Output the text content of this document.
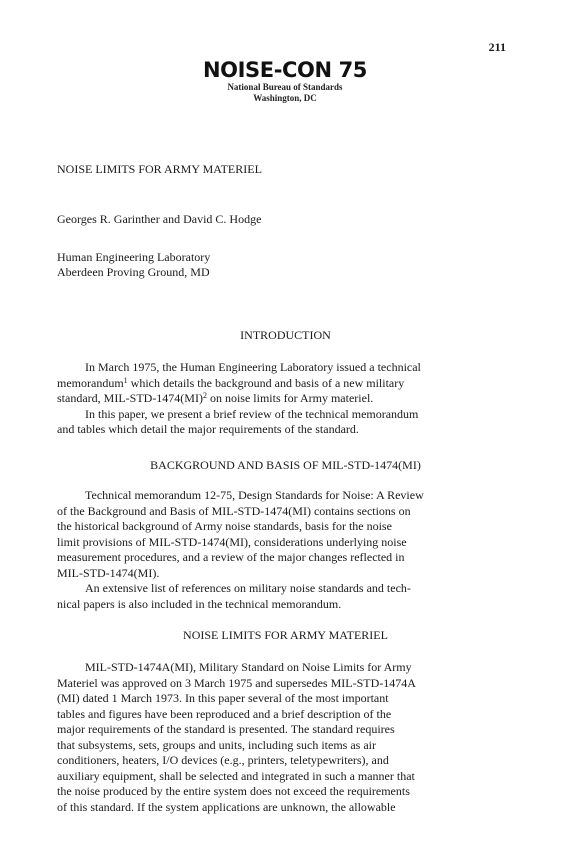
211
NOISE-CON 75
National Bureau of Standards
Washington, DC
NOISE LIMITS FOR ARMY MATERIEL
Georges R. Garinther and David C. Hodge
Human Engineering Laboratory
Aberdeen Proving Ground, MD
INTRODUCTION
In March 1975, the Human Engineering Laboratory issued a technical
memorandum$^1$ which details the background and basis of a new military
standard, MIL-STD-1474(MI)$^2$ on noise limits for Army materiel.
In this paper, we present a brief review of the technical memorandum
and tables which detail the major requirements of the standard.
BACKGROUND AND BASIS OF MIL-STD-1474(MI)
Technical memorandum 12-75, Design Standards for Noise: A Review
of the Background and Basis of MIL-STD-1474(MI) contains sections on
the historical background of Army noise standards, basis for the noise
limit provisions of MIL-STD-1474(MI), considerations underlying noise
measurement procedures, and a review of the major changes reflected in
MIL-STD-1474(MI).
An extensive list of references on military noise standards and tech-
nical papers is also included in the technical memorandum.
NOISE LIMITS FOR ARMY MATERIEL
MIL-STD-1474A(MI), Military Standard on Noise Limits for Army
Materiel was approved on 3 March 1975 and supersedes MIL-STD-1474A
(MI) dated 1 March 1973. In this paper several of the most important
tables and figures have been reproduced and a brief description of the
major requirements of the standard is presented. The standard requires
that subsystems, sets, groups and units, including such items as air
conditioners, heaters, I/O devices (e.g., printers, teletypewriters), and
auxiliary equipment, shall be selected and integrated in such a manner that
the noise produced by the entire system does not exceed the requirements
of this standard. If the system applications are unknown, the allowable
